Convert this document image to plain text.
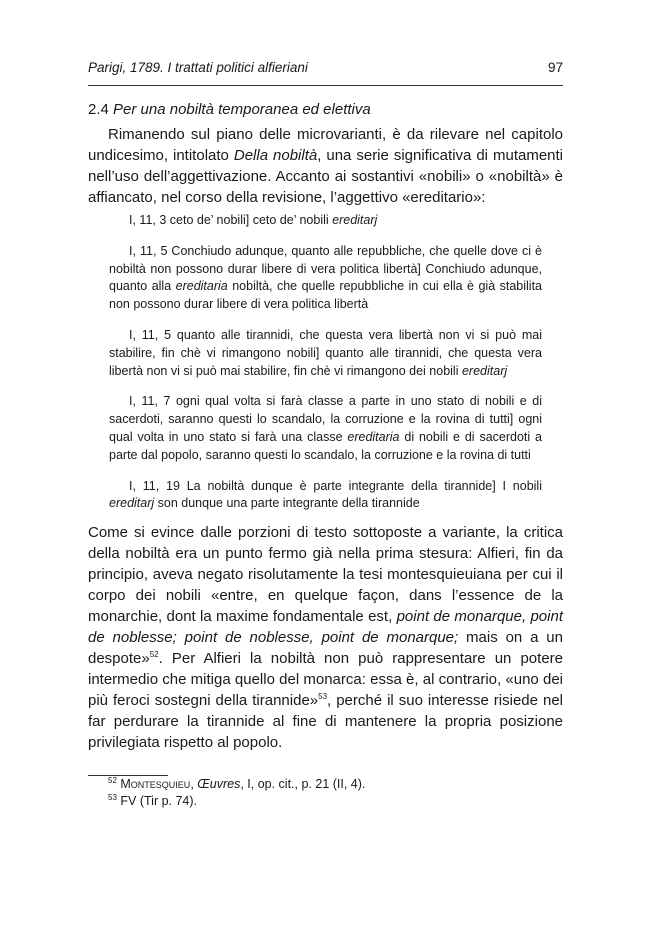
Parigi, 1789. I trattati politici alfieriani	97
2.4 Per una nobiltà temporanea ed elettiva

Rimanendo sul piano delle microvarianti, è da rilevare nel capitolo undicesimo, intitolato Della nobiltà, una serie significativa di mutamenti nell’uso dell’aggettivazione. Accanto ai sostantivi «nobili» o «nobiltà» è affiancato, nel corso della revisione, l’aggettivo «ereditario»:

I, 11, 3 ceto de’ nobili] ceto de’ nobili ereditarj

I, 11, 5 Conchiudo adunque, quanto alle repubbliche, che quelle dove ci è nobiltà non possono durar libere di vera politica libertà] Conchiudo adunque, quanto alla ereditaria nobiltà, che quelle repubbliche in cui ella è già stabilita non possono durar libere di vera politica libertà

I, 11, 5 quanto alle tirannidi, che questa vera libertà non vi si può mai stabilire, fin chè vi rimangono nobili] quanto alle tirannidi, che questa vera libertà non vi si può mai stabilire, fin chè vi rimangono dei nobili ereditarj

I, 11, 7 ogni qual volta si farà classe a parte in uno stato di nobili e di sacerdoti, saranno questi lo scandalo, la corruzione e la rovina di tutti] ogni qual volta in uno stato si farà una classe ereditaria di nobili e di sacerdoti a parte dal popolo, saranno questi lo scandalo, la corruzione e la rovina di tutti

I, 11, 19 La nobiltà dunque è parte integrante della tirannide] I nobili ereditarj son dunque una parte integrante della tirannide

Come si evince dalle porzioni di testo sottoposte a variante, la critica della nobiltà era un punto fermo già nella prima stesura: Alfieri, fin da principio, aveva negato risolutamente la tesi montesquieuiana per cui il corpo dei nobili «entre, en quelque façon, dans l’essence de la monarchie, dont la maxime fondamentale est, point de monarque, point de noblesse; point de noblesse, point de monarque; mais on a un despote»$^{52}$. Per Alfieri la nobiltà non può rappresentare un potere intermedio che mitiga quello del monarca: essa è, al contrario, «uno dei più feroci sostegni della tirannide»$^{53}$, perché il suo interesse risiede nel far perdurare la tirannide al fine di mantenere la propria posizione privilegiata rispetto al popolo.

$^{52}$ Montesquieu, Œuvres, I, op. cit., p. 21 (II, 4).
$^{53}$ FV (Tir p. 74).
